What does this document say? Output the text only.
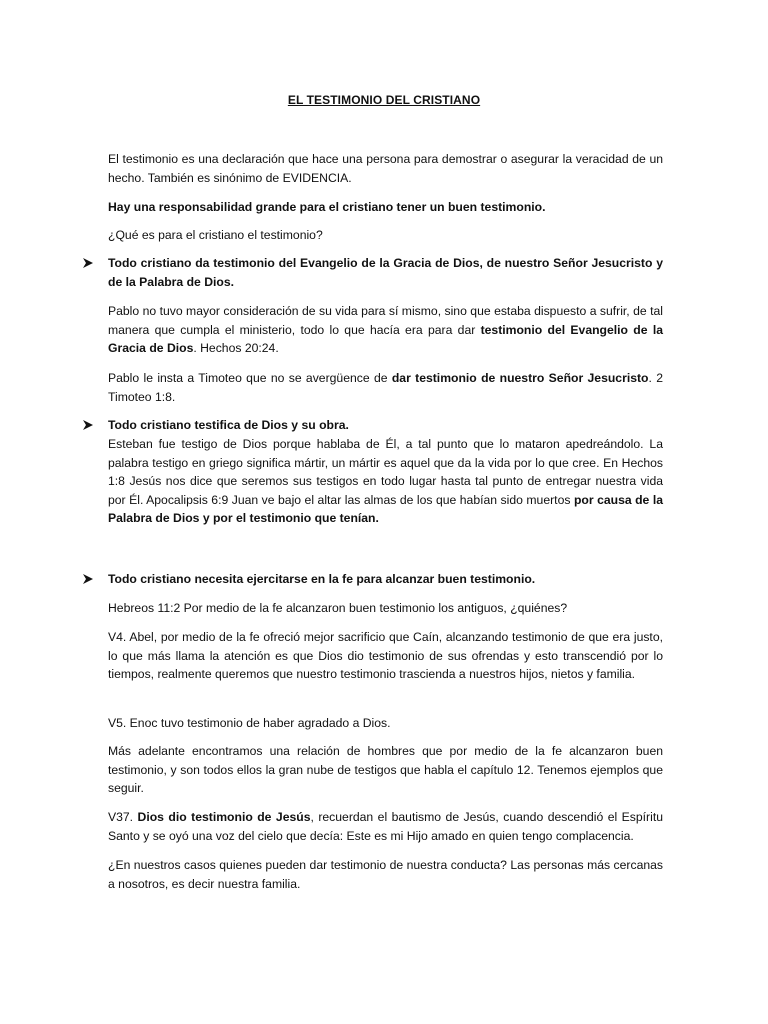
EL TESTIMONIO DEL CRISTIANO

El testimonio es una declaración que hace una persona para demostrar o asegurar la veracidad de un hecho. También es sinónimo de EVIDENCIA.

Hay una responsabilidad grande para el cristiano tener un buen testimonio.

¿Qué es para el cristiano el testimonio?

Todo cristiano da testimonio del Evangelio de la Gracia de Dios, de nuestro Señor Jesucristo y de la Palabra de Dios.

Pablo no tuvo mayor consideración de su vida para sí mismo, sino que estaba dispuesto a sufrir, de tal manera que cumpla el ministerio, todo lo que hacía era para dar testimonio del Evangelio de la Gracia de Dios. Hechos 20:24.

Pablo le insta a Timoteo que no se avergüence de dar testimonio de nuestro Señor Jesucristo. 2 Timoteo 1:8.

Todo cristiano testifica de Dios y su obra.

Esteban fue testigo de Dios porque hablaba de Él, a tal punto que lo mataron apedreándolo. La palabra testigo en griego significa mártir, un mártir es aquel que da la vida por lo que cree. En Hechos 1:8 Jesús nos dice que seremos sus testigos en todo lugar hasta tal punto de entregar nuestra vida por Él. Apocalipsis 6:9 Juan ve bajo el altar las almas de los que habían sido muertos por causa de la Palabra de Dios y por el testimonio que tenían.

Todo cristiano necesita ejercitarse en la fe para alcanzar buen testimonio.

Hebreos 11:2 Por medio de la fe alcanzaron buen testimonio los antiguos, ¿quiénes?

V4. Abel, por medio de la fe ofreció mejor sacrificio que Caín, alcanzando testimonio de que era justo, lo que más llama la atención es que Dios dio testimonio de sus ofrendas y esto transcendió por lo tiempos, realmente queremos que nuestro testimonio trascienda a nuestros hijos, nietos y familia.

V5. Enoc tuvo testimonio de haber agradado a Dios.

Más adelante encontramos una relación de hombres que por medio de la fe alcanzaron buen testimonio, y son todos ellos la gran nube de testigos que habla el capítulo 12. Tenemos ejemplos que seguir.

V37. Dios dio testimonio de Jesús, recuerdan el bautismo de Jesús, cuando descendió el Espíritu Santo y se oyó una voz del cielo que decía: Este es mi Hijo amado en quien tengo complacencia.

¿En nuestros casos quienes pueden dar testimonio de nuestra conducta? Las personas más cercanas a nosotros, es decir nuestra familia.
